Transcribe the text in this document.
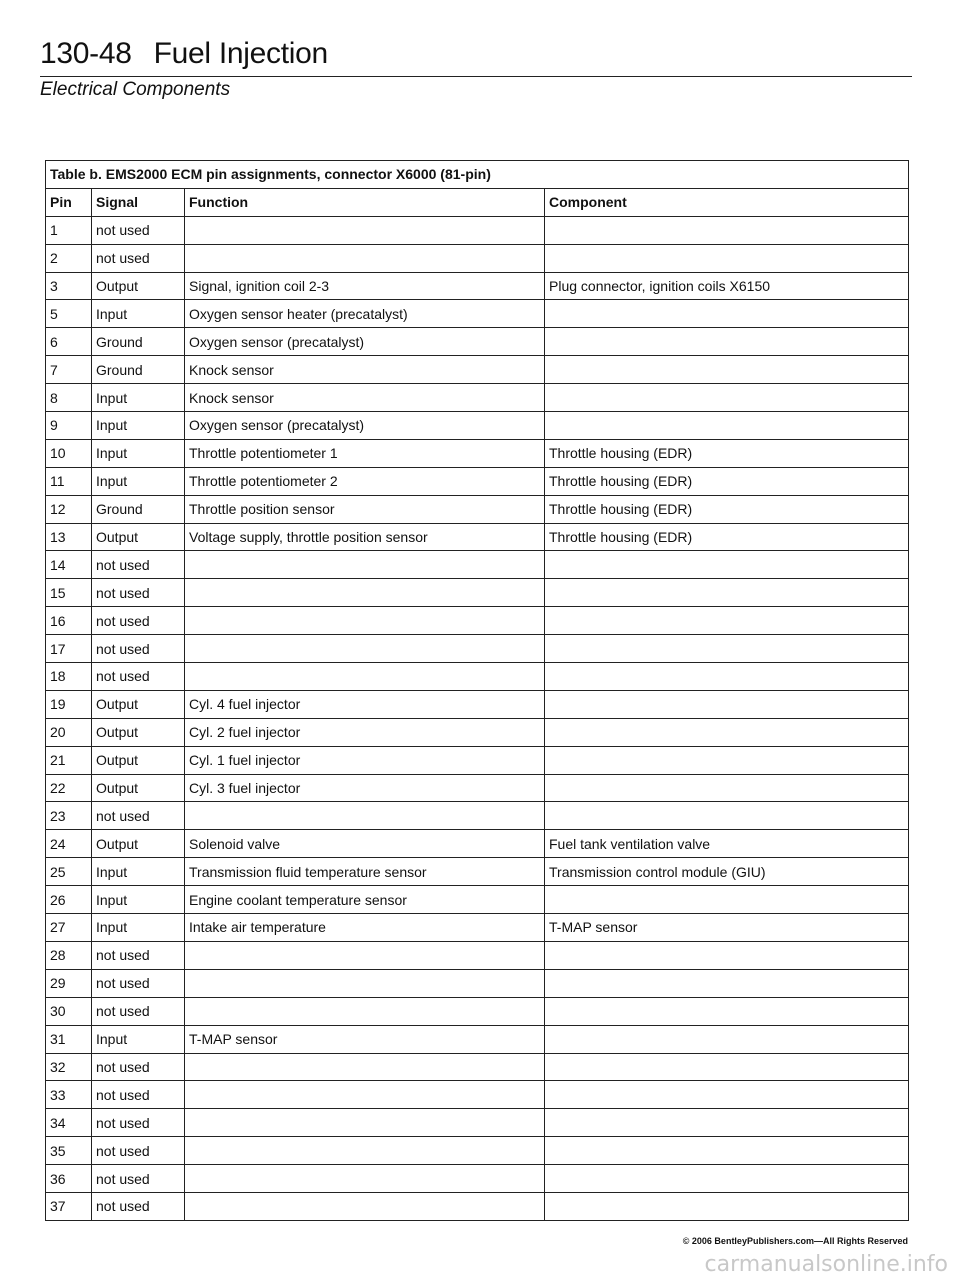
130-48 Fuel Injection
Electrical Components
Table b. EMS2000 ECM pin assignments, connector X6000 (81-pin)			
Pin	Signal	Function	Component
1	not used		
2	not used		
3	Output	Signal, ignition coil 2-3	Plug connector, ignition coils X6150
5	Input	Oxygen sensor heater (precatalyst)	
6	Ground	Oxygen sensor (precatalyst)	
7	Ground	Knock sensor	
8	Input	Knock sensor	
9	Input	Oxygen sensor (precatalyst)	
10	Input	Throttle potentiometer 1	Throttle housing (EDR)
11	Input	Throttle potentiometer 2	Throttle housing (EDR)
12	Ground	Throttle position sensor	Throttle housing (EDR)
13	Output	Voltage supply, throttle position sensor	Throttle housing (EDR)
14	not used		
15	not used		
16	not used		
17	not used		
18	not used		
19	Output	Cyl. 4 fuel injector	
20	Output	Cyl. 2 fuel injector	
21	Output	Cyl. 1 fuel injector	
22	Output	Cyl. 3 fuel injector	
23	not used		
24	Output	Solenoid valve	Fuel tank ventilation valve
25	Input	Transmission fluid temperature sensor	Transmission control module (GIU)
26	Input	Engine coolant temperature sensor	
27	Input	Intake air temperature	T-MAP sensor
28	not used		
29	not used		
30	not used		
31	Input	T-MAP sensor	
32	not used		
33	not used		
34	not used		
35	not used		
36	not used		
37	not used		
© 2006 BentleyPublishers.com—All Rights Reserved
carmanualsonline.info
